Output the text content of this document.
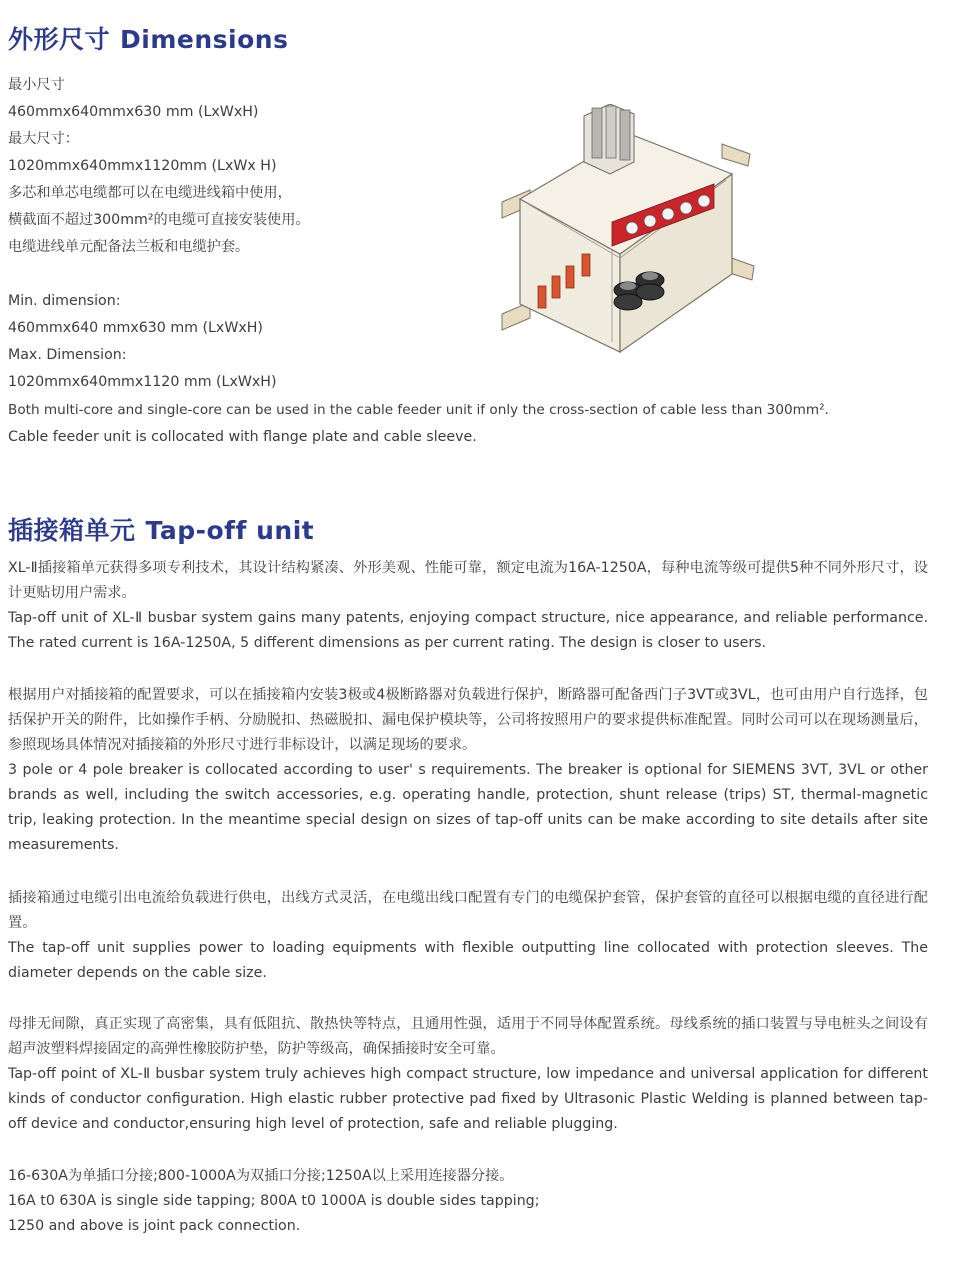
外形尺寸 Dimensions
最小尺寸
460mmx640mmx630 mm (LxWxH)
最大尺寸：
1020mmx640mmx1120mm (LxWx H)
多芯和单芯电缆都可以在电缆进线箱中使用，
横截面不超过300mm²的电缆可直接安装使用。
电缆进线单元配备法兰板和电缆护套。
Min. dimension:
460mmx640 mmx630 mm (LxWxH)
Max. Dimension:
1020mmx640mmx1120 mm (LxWxH)
Both multi-core and single-core can be used in the cable feeder unit if only the cross-section of cable less than 300mm².
Cable feeder unit is collocated with flange plate and cable sleeve.
插接箱单元 Tap-off unit
XL-Ⅱ插接箱单元获得多项专利技术，其设计结构紧凑、外形美观、性能可靠，额定电流为16A-1250A，每种电流等级可提供5种不同外形尺寸，设计更贴切用户需求。
Tap-off unit of XL-Ⅱ busbar system gains many patents, enjoying compact structure, nice appearance, and reliable performance. The rated current is 16A-1250A, 5 different dimensions as per current rating. The design is closer to users.
根据用户对插接箱的配置要求，可以在插接箱内安装3极或4极断路器对负载进行保护，断路器可配备西门子3VT或3VL，也可由用户自行选择，包括保护开关的附件，比如操作手柄、分励脱扣、热磁脱扣、漏电保护模块等，公司将按照用户的要求提供标准配置。同时公司可以在现场测量后，参照现场具体情况对插接箱的外形尺寸进行非标设计，以满足现场的要求。
3 pole or 4 pole breaker is collocated according to user' s requirements. The breaker is optional for SIEMENS 3VT, 3VL or other brands as well, including the switch accessories, e.g. operating handle, protection, shunt release (trips) ST, thermal-magnetic trip, leaking protection. In the meantime special design on sizes of tap-off units can be make according to site details after site measurements.
插接箱通过电缆引出电流给负载进行供电，出线方式灵活，在电缆出线口配置有专门的电缆保护套管，保护套管的直径可以根据电缆的直径进行配置。
The tap-off unit supplies power to loading equipments with flexible outputting line collocated with protection sleeves. The diameter depends on the cable size.
母排无间隙，真正实现了高密集，具有低阻抗、散热快等特点，且通用性强，适用于不同导体配置系统。母线系统的插口装置与导电桩头之间设有超声波塑料焊接固定的高弹性橡胶防护垫，防护等级高，确保插接时安全可靠。
Tap-off point of XL-Ⅱ busbar system truly achieves high compact structure, low impedance and universal application for different kinds of conductor configuration. High elastic rubber protective pad fixed by Ultrasonic Plastic Welding is planned between tap-off device and conductor,ensuring high level of protection, safe and reliable plugging.
16-630A为单插口分接;800-1000A为双插口分接;1250A以上采用连接器分接。
16A t0 630A is single side tapping; 800A t0 1000A is double sides tapping;
1250 and above is joint pack connection.
